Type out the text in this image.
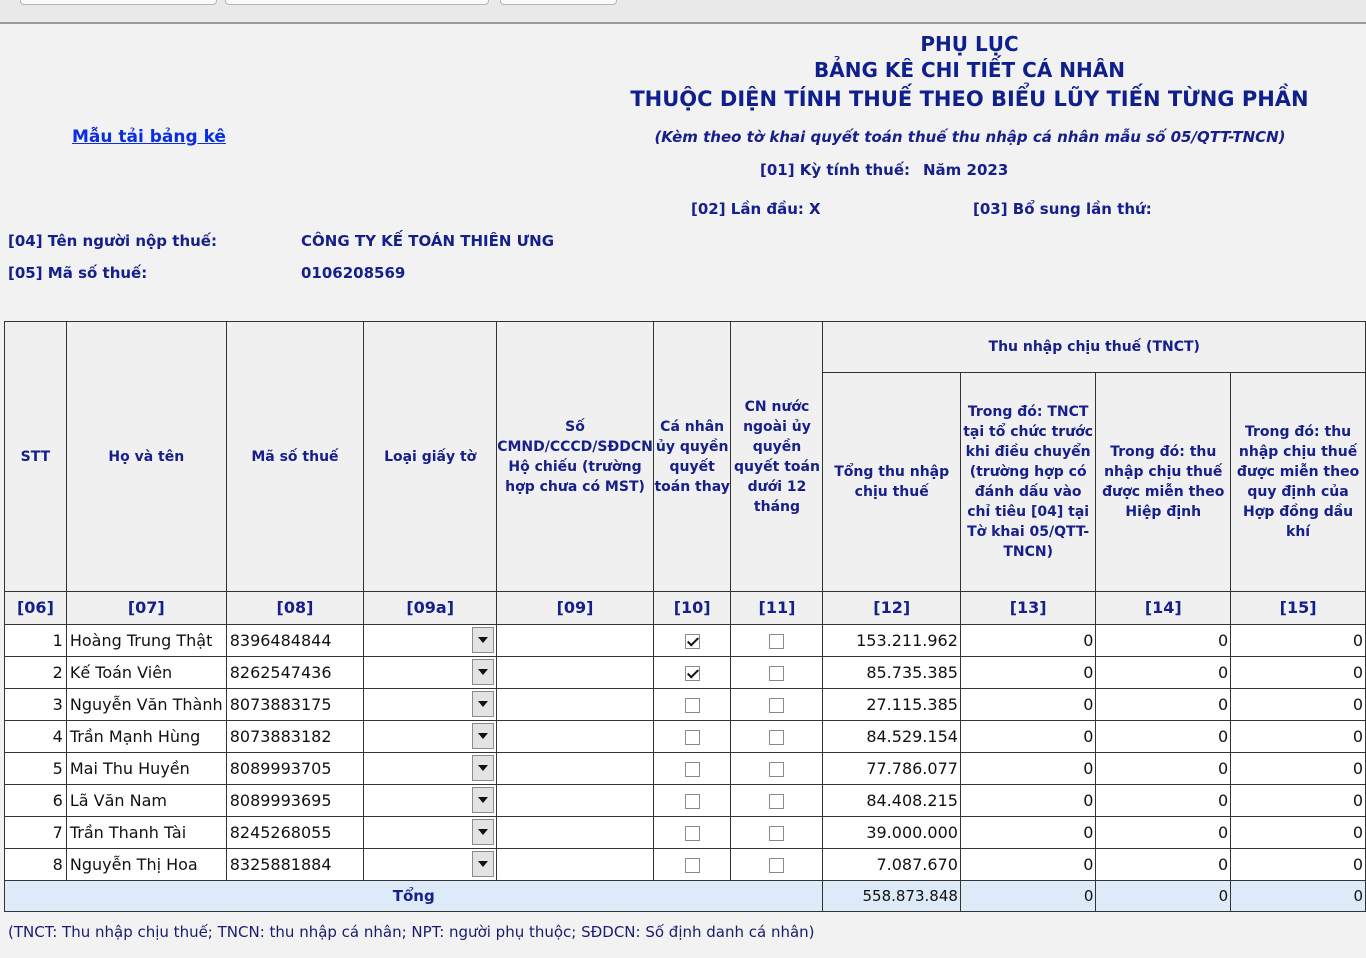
PHỤ LỤC
BẢNG KÊ CHI TIẾT CÁ NHÂN
THUỘC DIỆN TÍNH THUẾ THEO BIỂU LŨY TIẾN TỪNG PHẦN
(Kèm theo tờ khai quyết toán thuế thu nhập cá nhân mẫu số 05/QTT-TNCN)
Mẫu tải bảng kê
[01] Kỳ tính thuế: Năm 2023
[02] Lần đầu: X	[03] Bổ sung lần thứ:
[04] Tên người nộp thuế:	CÔNG TY KẾ TOÁN THIÊN ƯNG
[05] Mã số thuế:	0106208569
STT	Họ và tên	Mã số thuế	Loại giấy tờ	Số CMND/CCCD/SĐDCN Hộ chiếu (trường hợp chưa có MST)	Cá nhân ủy quyền quyết toán thay	CN nước ngoài ủy quyền quyết toán dưới 12 tháng	Thu nhập chịu thuế (TNCT)			
							Tổng thu nhập chịu thuế	Trong đó: TNCT tại tổ chức trước khi điều chuyển (trường hợp có đánh dấu vào chỉ tiêu [04] tại Tờ khai 05/QTT-TNCN)	Trong đó: thu nhập chịu thuế được miễn theo Hiệp định	Trong đó: thu nhập chịu thuế được miễn theo quy định của Hợp đồng dầu khí
[06]	[07]	[08]	[09a]	[09]	[10]	[11]	[12]	[13]	[14]	[15]
1	Hoàng Trung Thật	8396484844					153.211.962	0	0	0
2	Kế Toán Viên	8262547436					85.735.385	0	0	0
3	Nguyễn Văn Thành	8073883175					27.115.385	0	0	0
4	Trần Mạnh Hùng	8073883182					84.529.154	0	0	0
5	Mai Thu Huyền	8089993705					77.786.077	0	0	0
6	Lã Văn Nam	8089993695					84.408.215	0	0	0
7	Trần Thanh Tài	8245268055					39.000.000	0	0	0
8	Nguyễn Thị Hoa	8325881884					7.087.670	0	0	0
Tổng							558.873.848	0	0	0
(TNCT: Thu nhập chịu thuế; TNCN: thu nhập cá nhân; NPT: người phụ thuộc; SĐDCN: Số định danh cá nhân)
